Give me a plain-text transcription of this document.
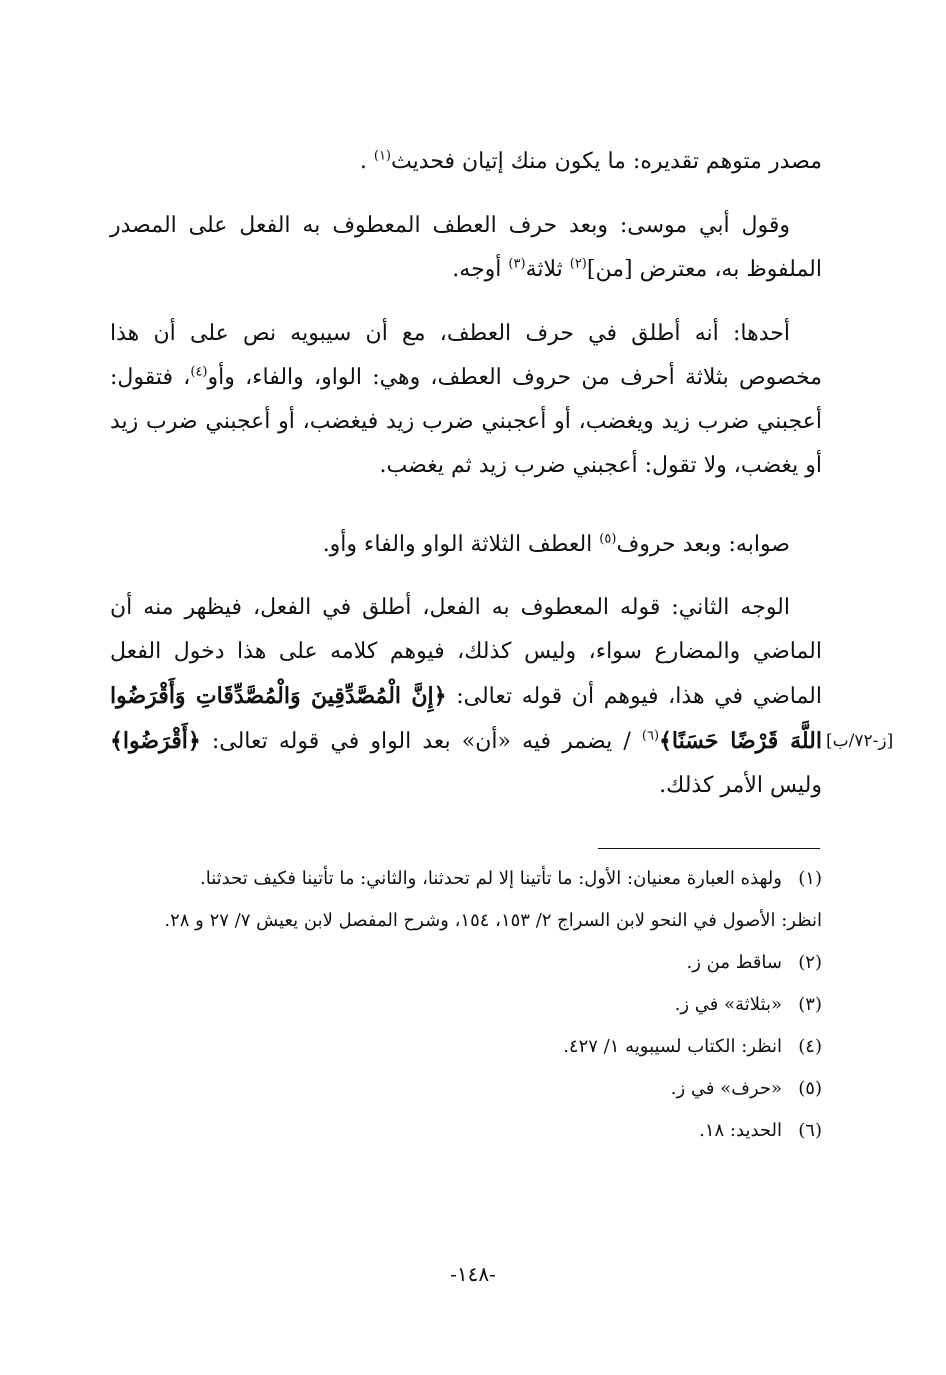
مصدر متوهم تقديره: ما يكون منك إتيان فحديث$^{(١)}$ .

وقول أبي موسى: وبعد حرف العطف المعطوف به الفعل على المصدر الملفوظ به، معترض [من]$^{(٢)}$ ثلاثة$^{(٣)}$ أوجه.

أحدها: أنه أطلق في حرف العطف، مع أن سيبويه نص على أن هذا مخصوص بثلاثة أحرف من حروف العطف، وهي: الواو، والفاء، وأو$^{(٤)}$، فتقول: أعجبني ضرب زيد ويغضب، أو أعجبني ضرب زيد فيغضب، أو أعجبني ضرب زيد أو يغضب، ولا تقول: أعجبني ضرب زيد ثم يغضب.

صوابه: وبعد حروف$^{(٥)}$ العطف الثلاثة الواو والفاء وأو.

الوجه الثاني: قوله المعطوف به الفعل، أطلق في الفعل، فيظهر منه أن الماضي والمضارع سواء، وليس كذلك، فيوهم كلامه على هذا دخول الفعل الماضي في هذا، فيوهم أن قوله تعالى: ﴿إِنَّ الْمُصَّدِّقِينَ وَالْمُصَّدِّقَاتِ وَأَقْرَضُوا اللَّهَ قَرْضًا حَسَنًا﴾$^{(٦)}$ / يضمر فيه «أن» بعد الواو في قوله تعالى: ﴿أَقْرَضُوا﴾ وليس الأمر كذلك.

[ز-٧٢/ب]

(١)ولهذه العبارة معنيان: الأول: ما تأتينا إلا لم تحدثنا، والثاني: ما تأتينا فكيف تحدثنا.

انظر: الأصول في النحو لابن السراج ٢/ ١٥٣، ١٥٤، وشرح المفصل لابن يعيش ٧/ ٢٧ و ٢٨.

(٢)ساقط من ز.

(٣)«بثلاثة» في ز.

(٤)انظر: الكتاب لسيبويه ١/ ٤٢٧.

(٥)«حرف» في ز.

(٦)الحديد: ١٨.

-١٤٨-
